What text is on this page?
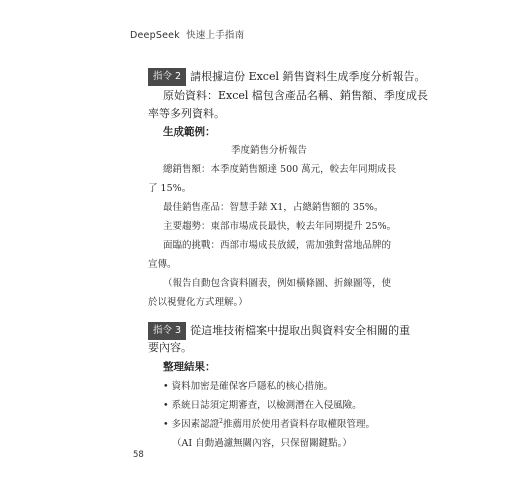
DeepSeek 快速上手指南
指令 2 請根據這份 Excel 銷售資料生成季度分析報告。
原始資料：Excel 檔包含產品名稱、銷售額、季度成長
率等多列資料。
生成範例：
季度銷售分析報告
總銷售額：本季度銷售額達 500 萬元，較去年同期成長
了 15%。
最佳銷售產品：智慧手錶 X1，占總銷售額的 35%。
主要趨勢：東部市場成長最快，較去年同期提升 25%。
面臨的挑戰：西部市場成長放緩，需加強對當地品牌的
宣傳。
（報告自動包含資料圖表，例如橫條圖、折線圖等，使
於以視覺化方式理解。）
指令 3 從這堆技術檔案中提取出與資料安全相關的重
要內容。
整理結果：
• 資料加密是確保客戶隱私的核心措施。
• 系統日誌須定期審查，以檢測潛在入侵風險。
• 多因素認證$^2$推薦用於使用者資料存取權限管理。
（AI 自動過濾無關內容，只保留關鍵點。）
58
